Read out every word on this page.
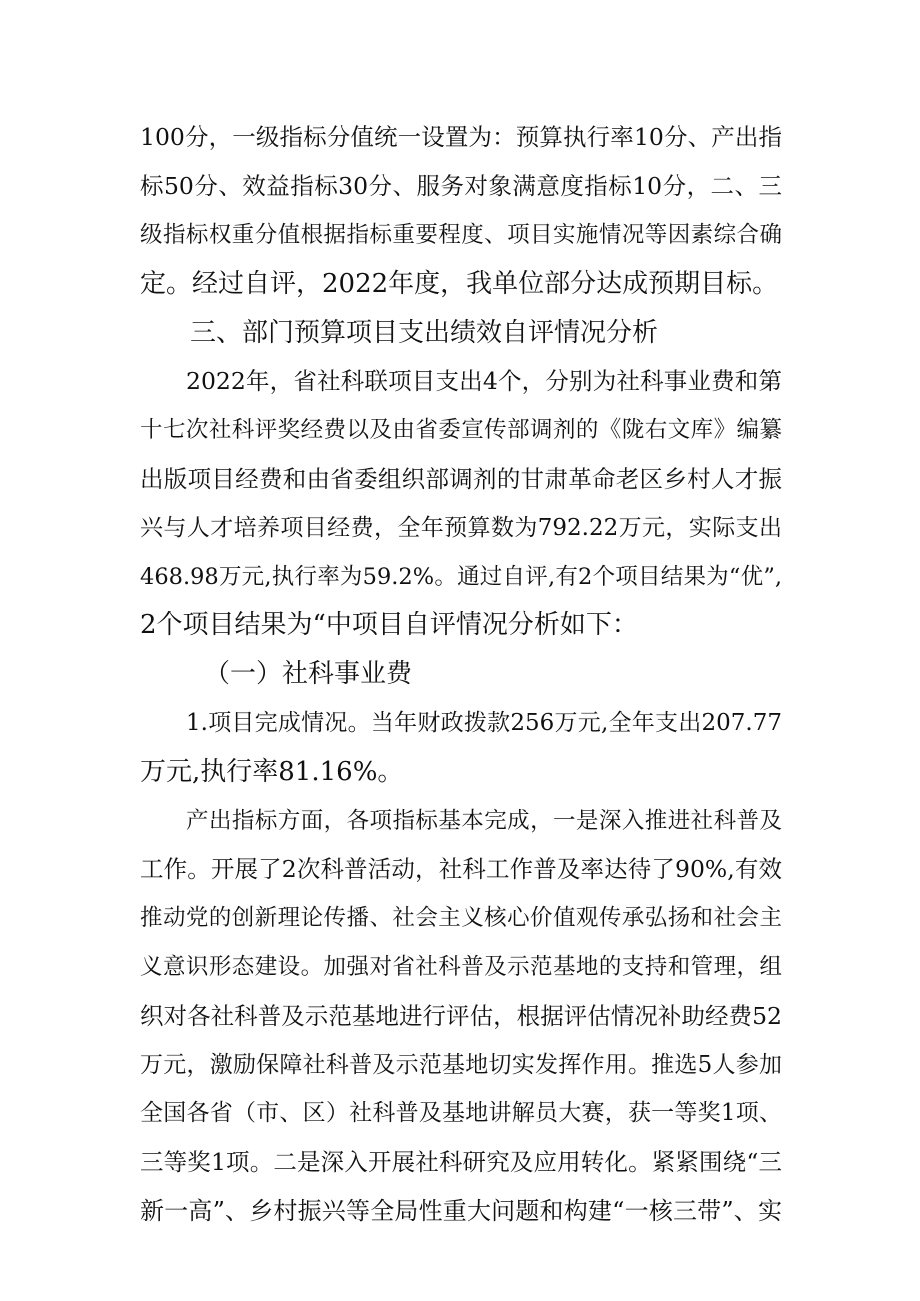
100分，一级指标分值统一设置为：预算执行率10分、产出指
标50分、效益指标30分、服务对象满意度指标10分，二、三
级指标权重分值根据指标重要程度、项目实施情况等因素综合确
定。经过自评，2022年度，我单位部分达成预期目标。
三、部门预算项目支出绩效自评情况分析
2022年，省社科联项目支出4个，分别为社科事业费和第
十七次社科评奖经费以及由省委宣传部调剂的《陇右文库》编纂
出版项目经费和由省委组织部调剂的甘肃革命老区乡村人才振
兴与人才培养项目经费，全年预算数为792.22万元，实际支出
468.98万元,执行率为59.2%。通过自评,有2个项目结果为“优”,
2个项目结果为“中项目自评情况分析如下：
（一）社科事业费
1.项目完成情况。当年财政拨款256万元,全年支出207.77
万元,执行率81.16%。
产出指标方面，各项指标基本完成，一是深入推进社科普及
工作。开展了2次科普活动，社科工作普及率达待了90%,有效
推动党的创新理论传播、社会主义核心价值观传承弘扬和社会主
义意识形态建设。加强对省社科普及示范基地的支持和管理，组
织对各社科普及示范基地进行评估，根据评估情况补助经费52
万元，激励保障社科普及示范基地切实发挥作用。推选5人参加
全国各省（市、区）社科普及基地讲解员大赛，获一等奖1项、
三等奖1项。二是深入开展社科研究及应用转化。紧紧围绕“三
新一高”、乡村振兴等全局性重大问题和构建“一核三带”、实
